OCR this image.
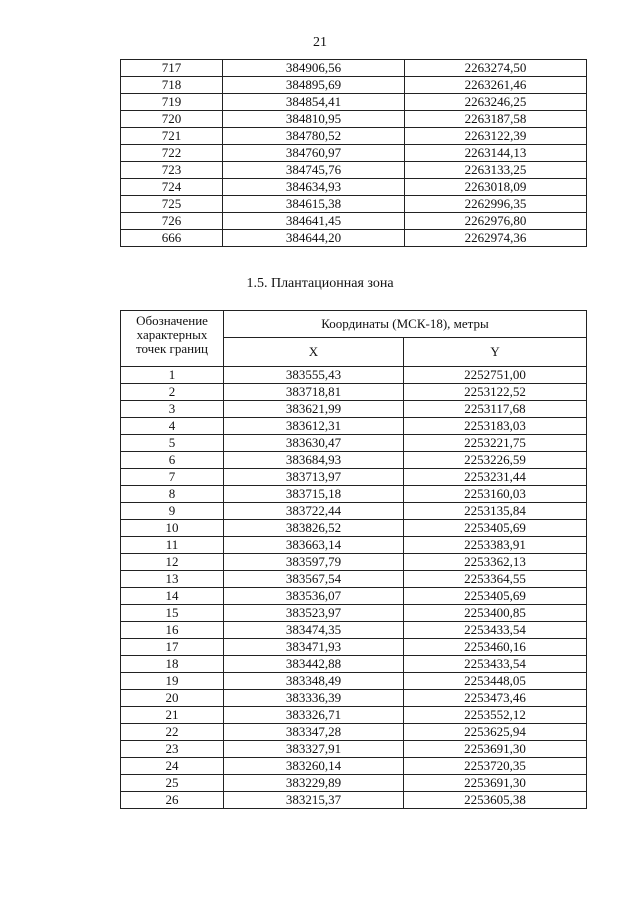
21
717	384906,56	2263274,50
718	384895,69	2263261,46
719	384854,41	2263246,25
720	384810,95	2263187,58
721	384780,52	2263122,39
722	384760,97	2263144,13
723	384745,76	2263133,25
724	384634,93	2263018,09
725	384615,38	2262996,35
726	384641,45	2262976,80
666	384644,20	2262974,36
1.5. Плантационная зона
Обозначение характерных точек границ	Координаты (МСК-18), метры	
	X	Y
1	383555,43	2252751,00
2	383718,81	2253122,52
3	383621,99	2253117,68
4	383612,31	2253183,03
5	383630,47	2253221,75
6	383684,93	2253226,59
7	383713,97	2253231,44
8	383715,18	2253160,03
9	383722,44	2253135,84
10	383826,52	2253405,69
11	383663,14	2253383,91
12	383597,79	2253362,13
13	383567,54	2253364,55
14	383536,07	2253405,69
15	383523,97	2253400,85
16	383474,35	2253433,54
17	383471,93	2253460,16
18	383442,88	2253433,54
19	383348,49	2253448,05
20	383336,39	2253473,46
21	383326,71	2253552,12
22	383347,28	2253625,94
23	383327,91	2253691,30
24	383260,14	2253720,35
25	383229,89	2253691,30
26	383215,37	2253605,38
